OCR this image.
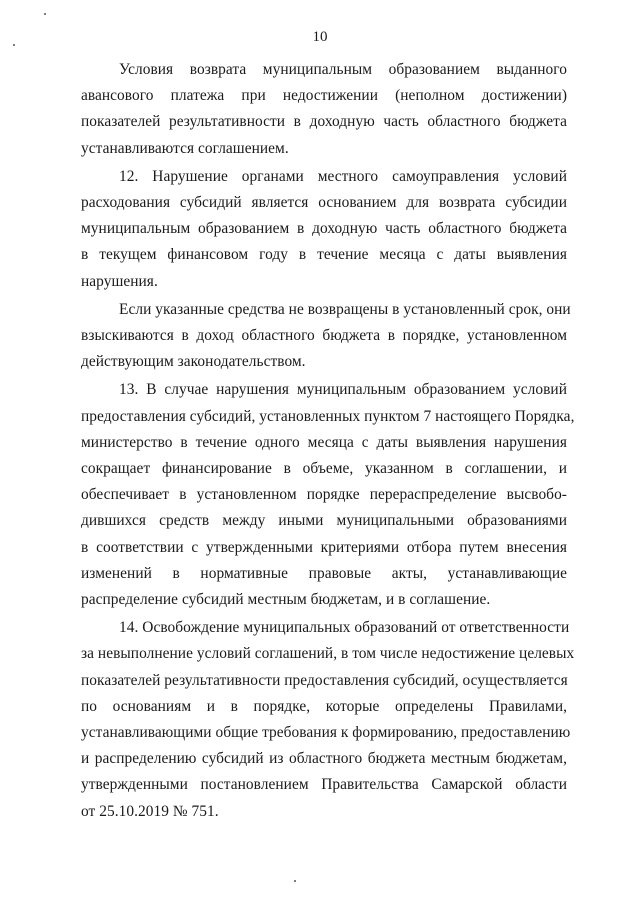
10

Условия возврата муниципальным образованием выданного
авансового платежа при недостижении (неполном достижении)
показателей результативности в доходную часть областного бюджета
устанавливаются соглашением.

12. Нарушение органами местного самоуправления условий
расходования субсидий является основанием для возврата субсидии
муниципальным образованием в доходную часть областного бюджета
в текущем финансовом году в течение месяца с даты выявления
нарушения.

Если указанные средства не возвращены в установленный срок, они
взыскиваются в доход областного бюджета в порядке, установленном
действующим законодательством.

13. В случае нарушения муниципальным образованием условий
предоставления субсидий, установленных пунктом 7 настоящего Порядка,
министерство в течение одного месяца с даты выявления нарушения
сокращает финансирование в объеме, указанном в соглашении, и
обеспечивает в установленном порядке перераспределение высвобо-
дившихся средств между иными муниципальными образованиями
в соответствии с утвержденными критериями отбора путем внесения
изменений в нормативные правовые акты, устанавливающие
распределение субсидий местным бюджетам, и в соглашение.

14. Освобождение муниципальных образований от ответственности
за невыполнение условий соглашений, в том числе недостижение целевых
показателей результативности предоставления субсидий, осуществляется
по основаниям и в порядке, которые определены Правилами,
устанавливающими общие требования к формированию, предоставлению
и распределению субсидий из областного бюджета местным бюджетам,
утвержденными постановлением Правительства Самарской области
от 25.10.2019 № 751.
